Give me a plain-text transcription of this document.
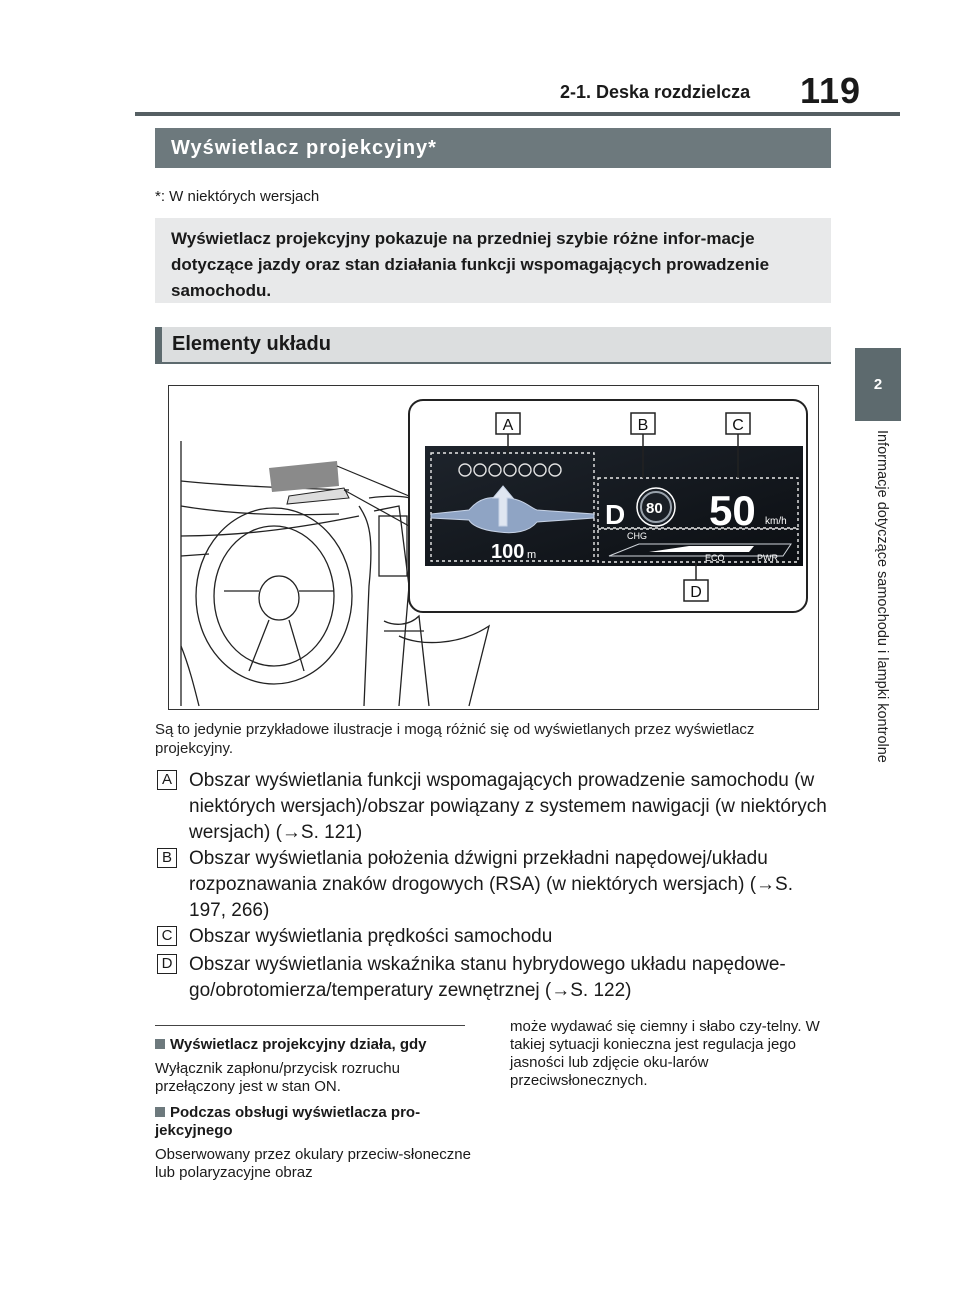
2-1. Deska rozdzielcza 119
2
Informacje dotyczące samochodu i lampki kontrolne
Wyświetlacz projekcyjny*
*: W niektórych wersjach
Wyświetlacz projekcyjny pokazuje na przedniej szybie różne infor-macje dotyczące jazdy oraz stan działania funkcji wspomagających prowadzenie samochodu.
Elementy układu
100 m
D 80 50 km/h
CHG
ECO	PWR
A	B	C
D
Są to jedynie przykładowe ilustracje i mogą różnić się od wyświetlanych przez wyświetlacz projekcyjny.
A Obszar wyświetlania funkcji wspomagających prowadzenie samochodu (w niektórych wersjach)/obszar powiązany z systemem nawigacji (w niektórych wersjach) (→S. 121)
B Obszar wyświetlania położenia dźwigni przekładni napędowej/układu rozpoznawania znaków drogowych (RSA) (w niektórych wersjach) (→S. 197, 266)
C Obszar wyświetlania prędkości samochodu
D Obszar wyświetlania wskaźnika stanu hybrydowego układu napędowe-go/obrotomierza/temperatury zewnętrznej (→S. 122)
Wyświetlacz projekcyjny działa, gdy
Wyłącznik zapłonu/przycisk rozruchu przełączony jest w stan ON.
Podczas obsługi wyświetlacza pro-jekcyjnego
Obserwowany przez okulary przeciw-słoneczne lub polaryzacyjne obraz
może wydawać się ciemny i słabo czy-telny. W takiej sytuacji konieczna jest regulacja jego jasności lub zdjęcie oku-larów przeciwsłonecznych.
